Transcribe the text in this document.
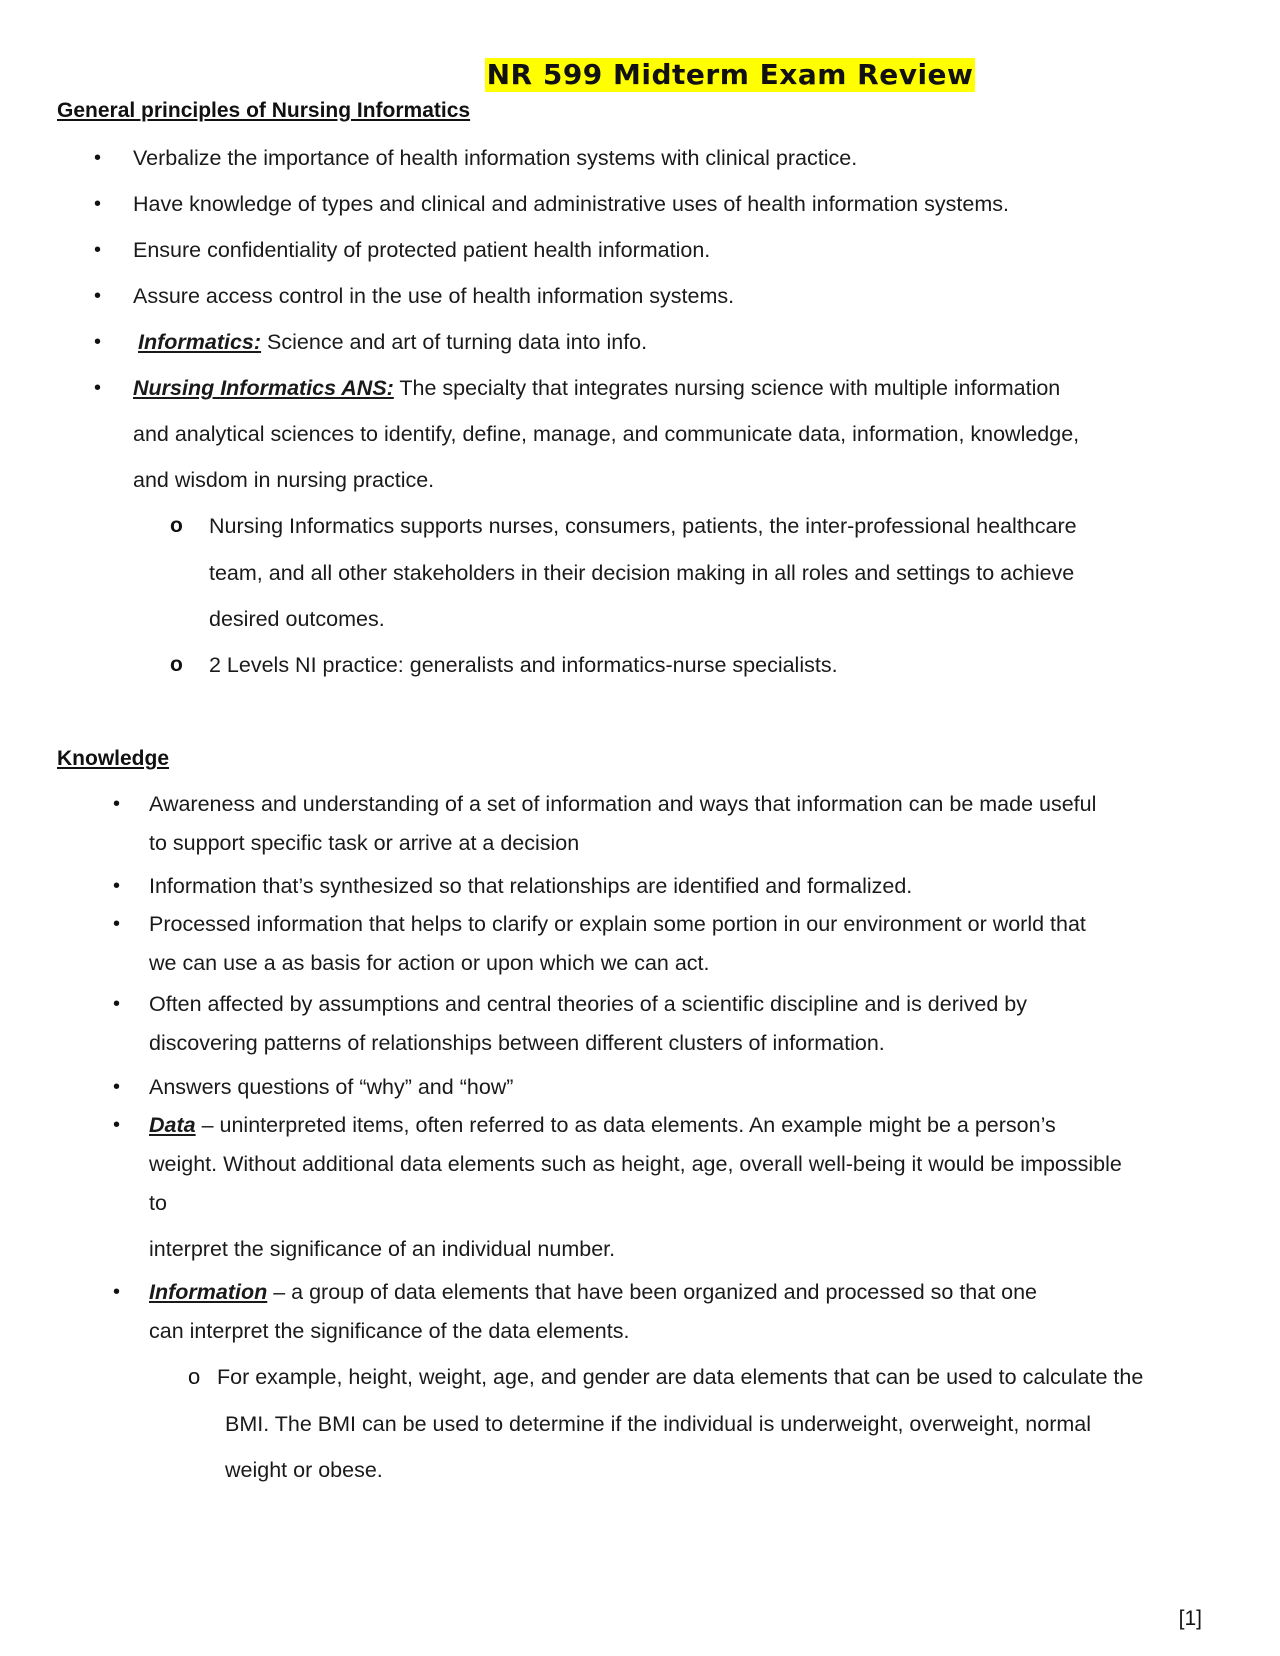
NR 599 Midterm Exam Review
General principles of Nursing Informatics
• Verbalize the importance of health information systems with clinical practice.
• Have knowledge of types and clinical and administrative uses of health information systems.
• Ensure confidentiality of protected patient health information.
• Assure access control in the use of health information systems.
• Informatics: Science and art of turning data into info.
• Nursing Informatics ANS: The specialty that integrates nursing science with multiple information
and analytical sciences to identify, define, manage, and communicate data, information, knowledge,
and wisdom in nursing practice.
o Nursing Informatics supports nurses, consumers, patients, the inter-professional healthcare
team, and all other stakeholders in their decision making in all roles and settings to achieve
desired outcomes.
o 2 Levels NI practice: generalists and informatics-nurse specialists.
Knowledge
• Awareness and understanding of a set of information and ways that information can be made useful
to support specific task or arrive at a decision
• Information that’s synthesized so that relationships are identified and formalized.
• Processed information that helps to clarify or explain some portion in our environment or world that
we can use a as basis for action or upon which we can act.
• Often affected by assumptions and central theories of a scientific discipline and is derived by
discovering patterns of relationships between different clusters of information.
• Answers questions of “why” and “how”
• Data – uninterpreted items, often referred to as data elements. An example might be a person’s
weight. Without additional data elements such as height, age, overall well-being it would be impossible
to
interpret the significance of an individual number.
• Information – a group of data elements that have been organized and processed so that one
can interpret the significance of the data elements.
o For example, height, weight, age, and gender are data elements that can be used to calculate the
BMI. The BMI can be used to determine if the individual is underweight, overweight, normal
weight or obese.
[1]
